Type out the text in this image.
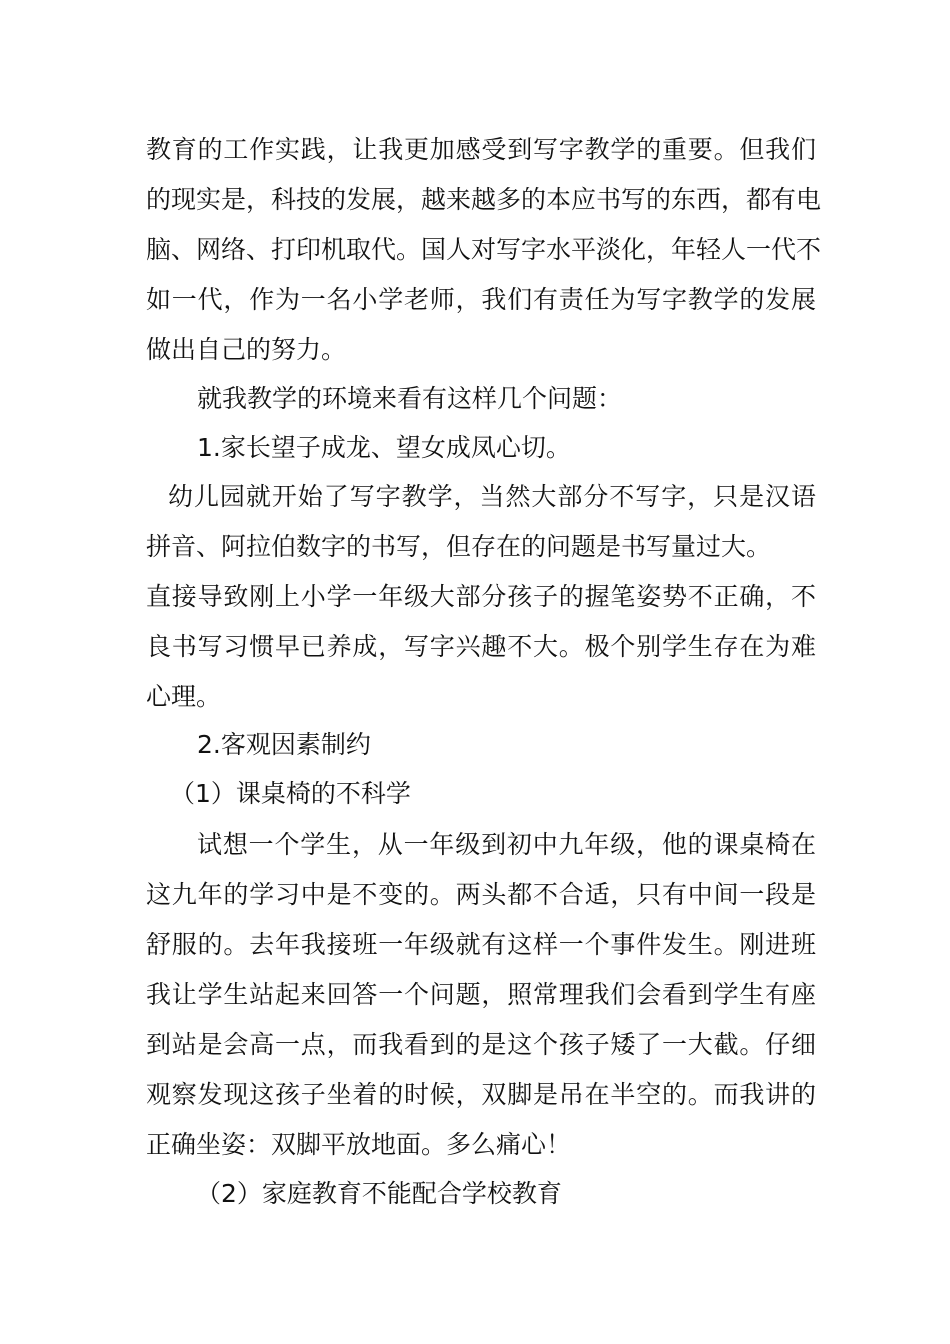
教育的工作实践，让我更加感受到写字教学的重要。但我们
的现实是，科技的发展，越来越多的本应书写的东西，都有电
脑、网络、打印机取代。国人对写字水平淡化，年轻人一代不
如一代，作为一名小学老师，我们有责任为写字教学的发展
做出自己的努力。
就我教学的环境来看有这样几个问题：
1.家长望子成龙、望女成凤心切。
幼儿园就开始了写字教学，当然大部分不写字，只是汉语
拼音、阿拉伯数字的书写，但存在的问题是书写量过大。
直接导致刚上小学一年级大部分孩子的握笔姿势不正确，不
良书写习惯早已养成，写字兴趣不大。极个别学生存在为难
心理。
2.客观因素制约
（1）课桌椅的不科学
试想一个学生，从一年级到初中九年级，他的课桌椅在
这九年的学习中是不变的。两头都不合适，只有中间一段是
舒服的。去年我接班一年级就有这样一个事件发生。刚进班
我让学生站起来回答一个问题，照常理我们会看到学生有座
到站是会高一点，而我看到的是这个孩子矮了一大截。仔细
观察发现这孩子坐着的时候，双脚是吊在半空的。而我讲的
正确坐姿：双脚平放地面。多么痛心！
（2）家庭教育不能配合学校教育
